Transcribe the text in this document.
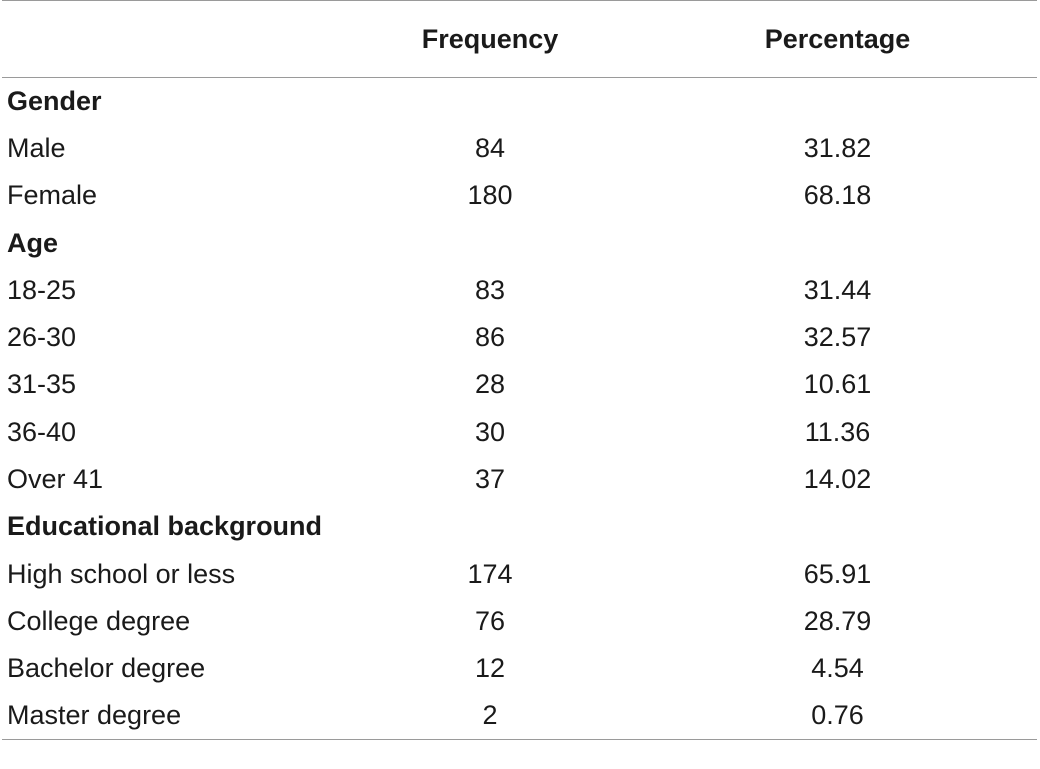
	Frequency	Percentage
Gender		
Male	84	31.82
Female	180	68.18
Age		
18-25	83	31.44
26-30	86	32.57
31-35	28	10.61
36-40	30	11.36
Over 41	37	14.02
Educational background		
High school or less	174	65.91
College degree	76	28.79
Bachelor degree	12	4.54
Master degree	2	0.76
